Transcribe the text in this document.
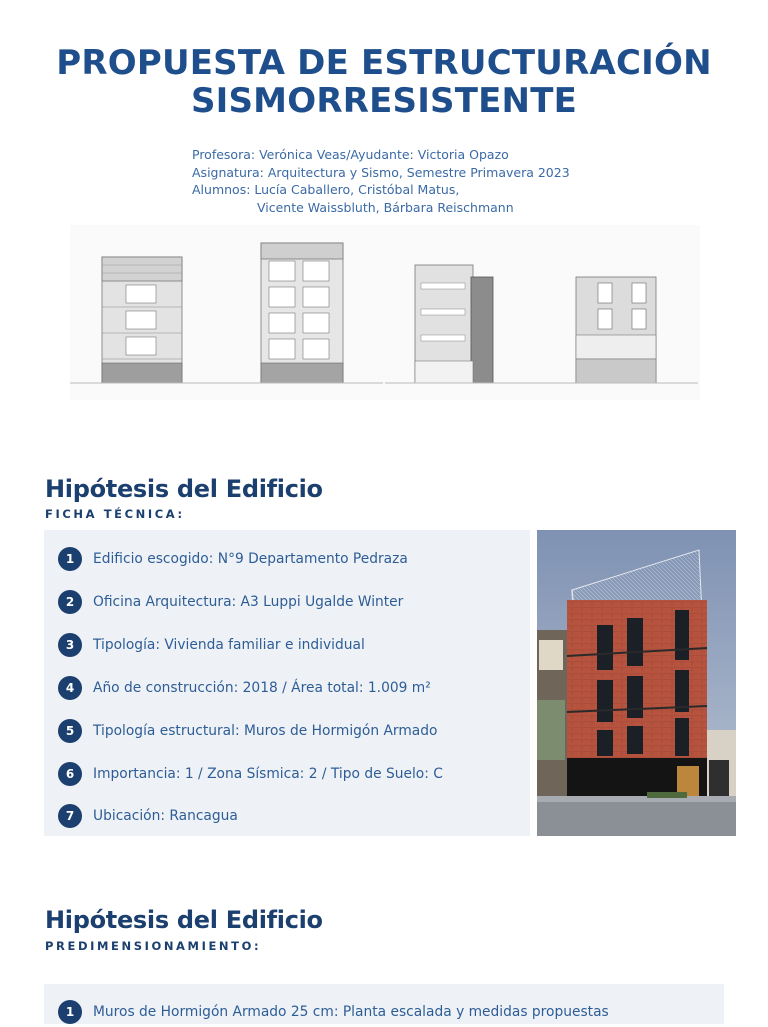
PROPUESTA DE ESTRUCTURACIÓN
SISMORRESISTENTE
Profesora: Verónica Veas/Ayudante: Victoria Opazo
Asignatura: Arquitectura y Sismo, Semestre Primavera 2023
Alumnos: Lucía Caballero, Cristóbal Matus,
Vicente Waissbluth, Bárbara Reischmann
Hipótesis del Edificio
FICHA TÉCNICA:
1	Edificio escogido: N°9 Departamento Pedraza
2	Oficina Arquitectura: A3 Luppi Ugalde Winter
3	Tipología: Vivienda familiar e individual
4	Año de construcción: 2018 / Área total: 1.009 m²
5	Tipología estructural: Muros de Hormigón Armado
6	Importancia: 1 / Zona Sísmica: 2 / Tipo de Suelo: C
7	Ubicación: Rancagua
Hipótesis del Edificio
PREDIMENSIONAMIENTO:
1	Muros de Hormigón Armado 25 cm: Planta escalada y medidas propuestas
